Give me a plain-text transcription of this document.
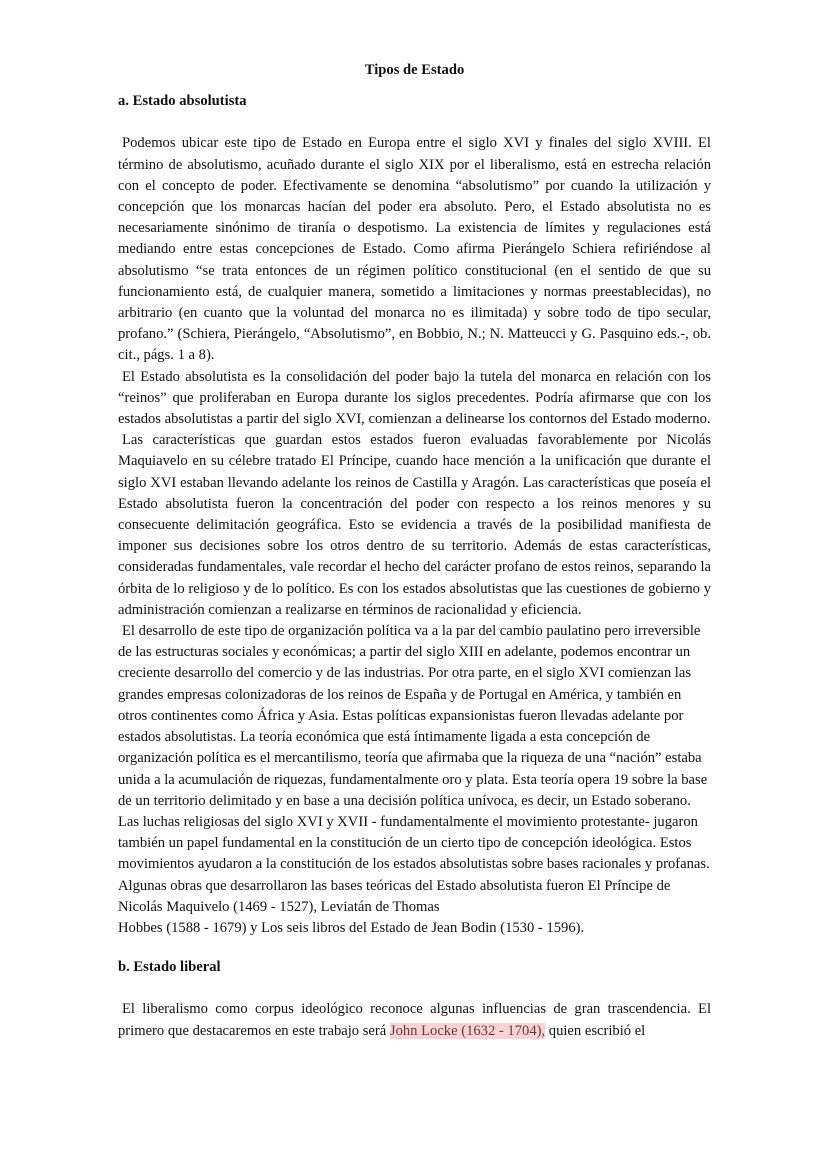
Tipos de Estado
a. Estado absolutista

Podemos ubicar este tipo de Estado en Europa entre el siglo XVI y finales del siglo XVIII. El término de absolutismo, acuñado durante el siglo XIX por el liberalismo, está en estrecha relación con el concepto de poder. Efectivamente se denomina “absolutismo” por cuando la utilización y concepción que los monarcas hacían del poder era absoluto. Pero, el Estado absolutista no es necesariamente sinónimo de tiranía o despotismo. La existencia de límites y regulaciones está mediando entre estas concepciones de Estado. Como afirma Pierángelo Schiera refiriéndose al absolutismo “se trata entonces de un régimen político constitucional (en el sentido de que su funcionamiento está, de cualquier manera, sometido a limitaciones y normas preestablecidas), no arbitrario (en cuanto que la voluntad del monarca no es ilimitada) y sobre todo de tipo secular, profano.” (Schiera, Pierángelo, “Absolutismo”, en Bobbio, N.; N. Matteucci y G. Pasquino eds.-, ob. cit., págs. 1 a 8).

El Estado absolutista es la consolidación del poder bajo la tutela del monarca en relación con los “reinos” que proliferaban en Europa durante los siglos precedentes. Podría afirmarse que con los estados absolutistas a partir del siglo XVI, comienzan a delinearse los contornos del Estado moderno.

Las características que guardan estos estados fueron evaluadas favorablemente por Nicolás Maquiavelo en su célebre tratado El Príncipe, cuando hace mención a la unificación que durante el siglo XVI estaban llevando adelante los reinos de Castilla y Aragón. Las características que poseía el Estado absolutista fueron la concentración del poder con respecto a los reinos menores y su consecuente delimitación geográfica. Esto se evidencia a través de la posibilidad manifiesta de imponer sus decisiones sobre los otros dentro de su territorio. Además de estas características, consideradas fundamentales, vale recordar el hecho del carácter profano de estos reinos, separando la órbita de lo religioso y de lo político. Es con los estados absolutistas que las cuestiones de gobierno y administración comienzan a realizarse en términos de racionalidad y eficiencia.

El desarrollo de este tipo de organización política va a la par del cambio paulatino pero irreversible de las estructuras sociales y económicas; a partir del siglo XIII en adelante, podemos encontrar un creciente desarrollo del comercio y de las industrias. Por otra parte, en el siglo XVI comienzan las grandes empresas colonizadoras de los reinos de España y de Portugal en América, y también en otros continentes como África y Asia. Estas políticas expansionistas fueron llevadas adelante por estados absolutistas. La teoría económica que está íntimamente ligada a esta concepción de organización política es el mercantilismo, teoría que afirmaba que la riqueza de una “nación” estaba unida a la acumulación de riquezas, fundamentalmente oro y plata. Esta teoría opera 19 sobre la base de un territorio delimitado y en base a una decisión política unívoca, es decir, un Estado soberano. Las luchas religiosas del siglo XVI y XVII - fundamentalmente el movimiento protestante- jugaron también un papel fundamental en la constitución de un cierto tipo de concepción ideológica. Estos movimientos ayudaron a la constitución de los estados absolutistas sobre bases racionales y profanas. Algunas obras que desarrollaron las bases teóricas del Estado absolutista fueron El Príncipe de Nicolás Maquivelo (1469 - 1527), Leviatán de Thomas

Hobbes (1588 - 1679) y Los seis libros del Estado de Jean Bodin (1530 - 1596).

b. Estado liberal

El liberalismo como corpus ideológico reconoce algunas influencias de gran trascendencia. El primero que destacaremos en este trabajo será John Locke (1632 - 1704), quien escribió el
